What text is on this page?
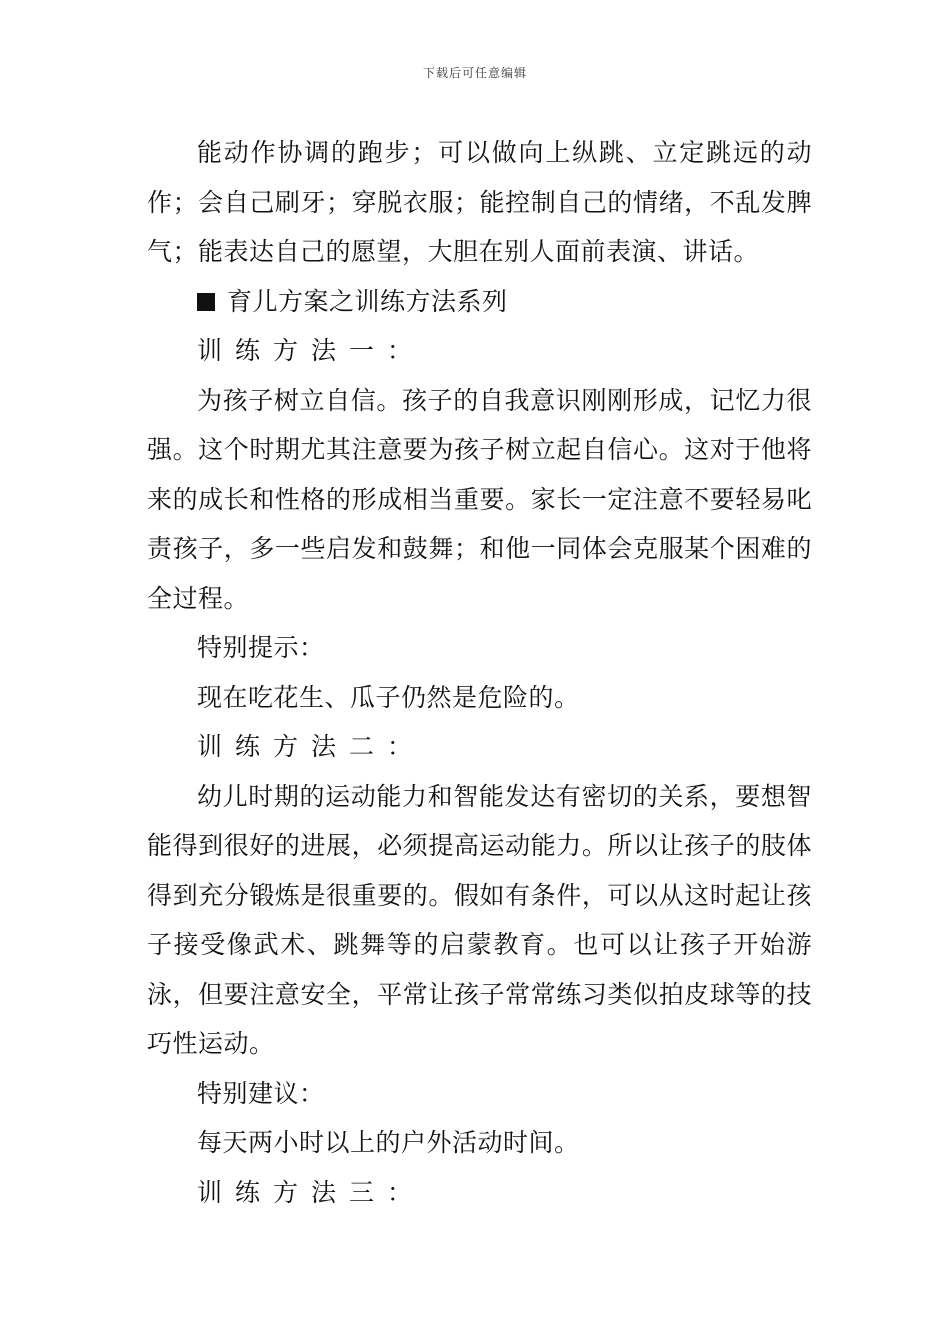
下载后可任意编辑

能动作协调的跑步；可以做向上纵跳、立定跳远的动作；会自己刷牙；穿脱衣服；能控制自己的情绪，不乱发脾气；能表达自己的愿望，大胆在别人面前表演、讲话。

育儿方案之训练方法系列

训练方法一：

为孩子树立自信。孩子的自我意识刚刚形成，记忆力很强。这个时期尤其注意要为孩子树立起自信心。这对于他将来的成长和性格的形成相当重要。家长一定注意不要轻易叱责孩子，多一些启发和鼓舞；和他一同体会克服某个困难的全过程。

特别提示：

现在吃花生、瓜子仍然是危险的。

训练方法二：

幼儿时期的运动能力和智能发达有密切的关系，要想智能得到很好的进展，必须提高运动能力。所以让孩子的肢体得到充分锻炼是很重要的。假如有条件，可以从这时起让孩子接受像武术、跳舞等的启蒙教育。也可以让孩子开始游泳，但要注意安全，平常让孩子常常练习类似拍皮球等的技巧性运动。

特别建议：

每天两小时以上的户外活动时间。

训练方法三：
